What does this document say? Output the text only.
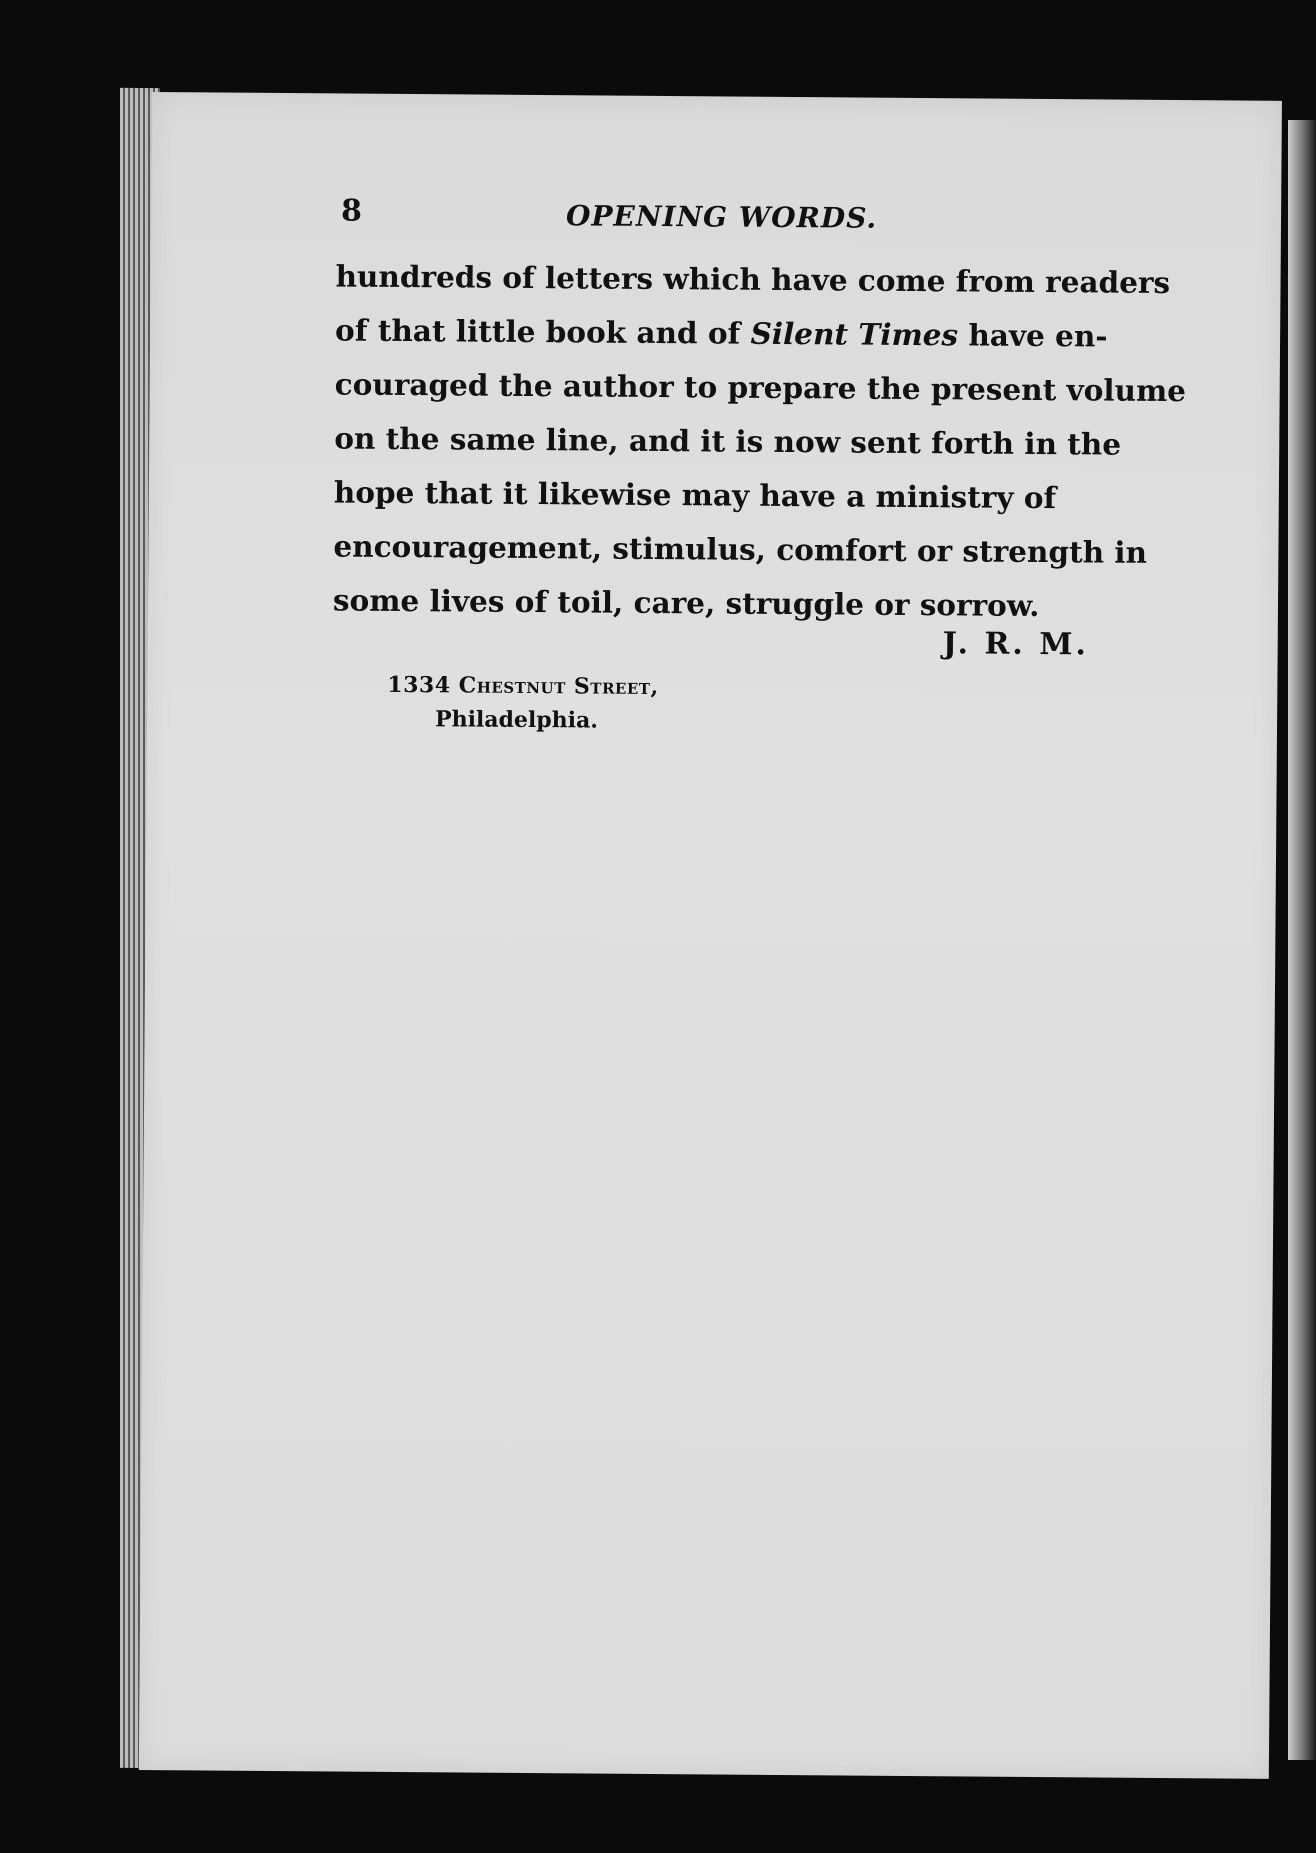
8	OPENING WORDS.
hundreds of letters which have come from readers
of that little book and of Silent Times have en-
couraged the author to prepare the present volume
on the same line, and it is now sent forth in the
hope that it likewise may have a ministry of
encouragement, stimulus, comfort or strength in
some lives of toil, care, struggle or sorrow.
J. R. M.
1334 Chestnut Street,
Philadelphia.
